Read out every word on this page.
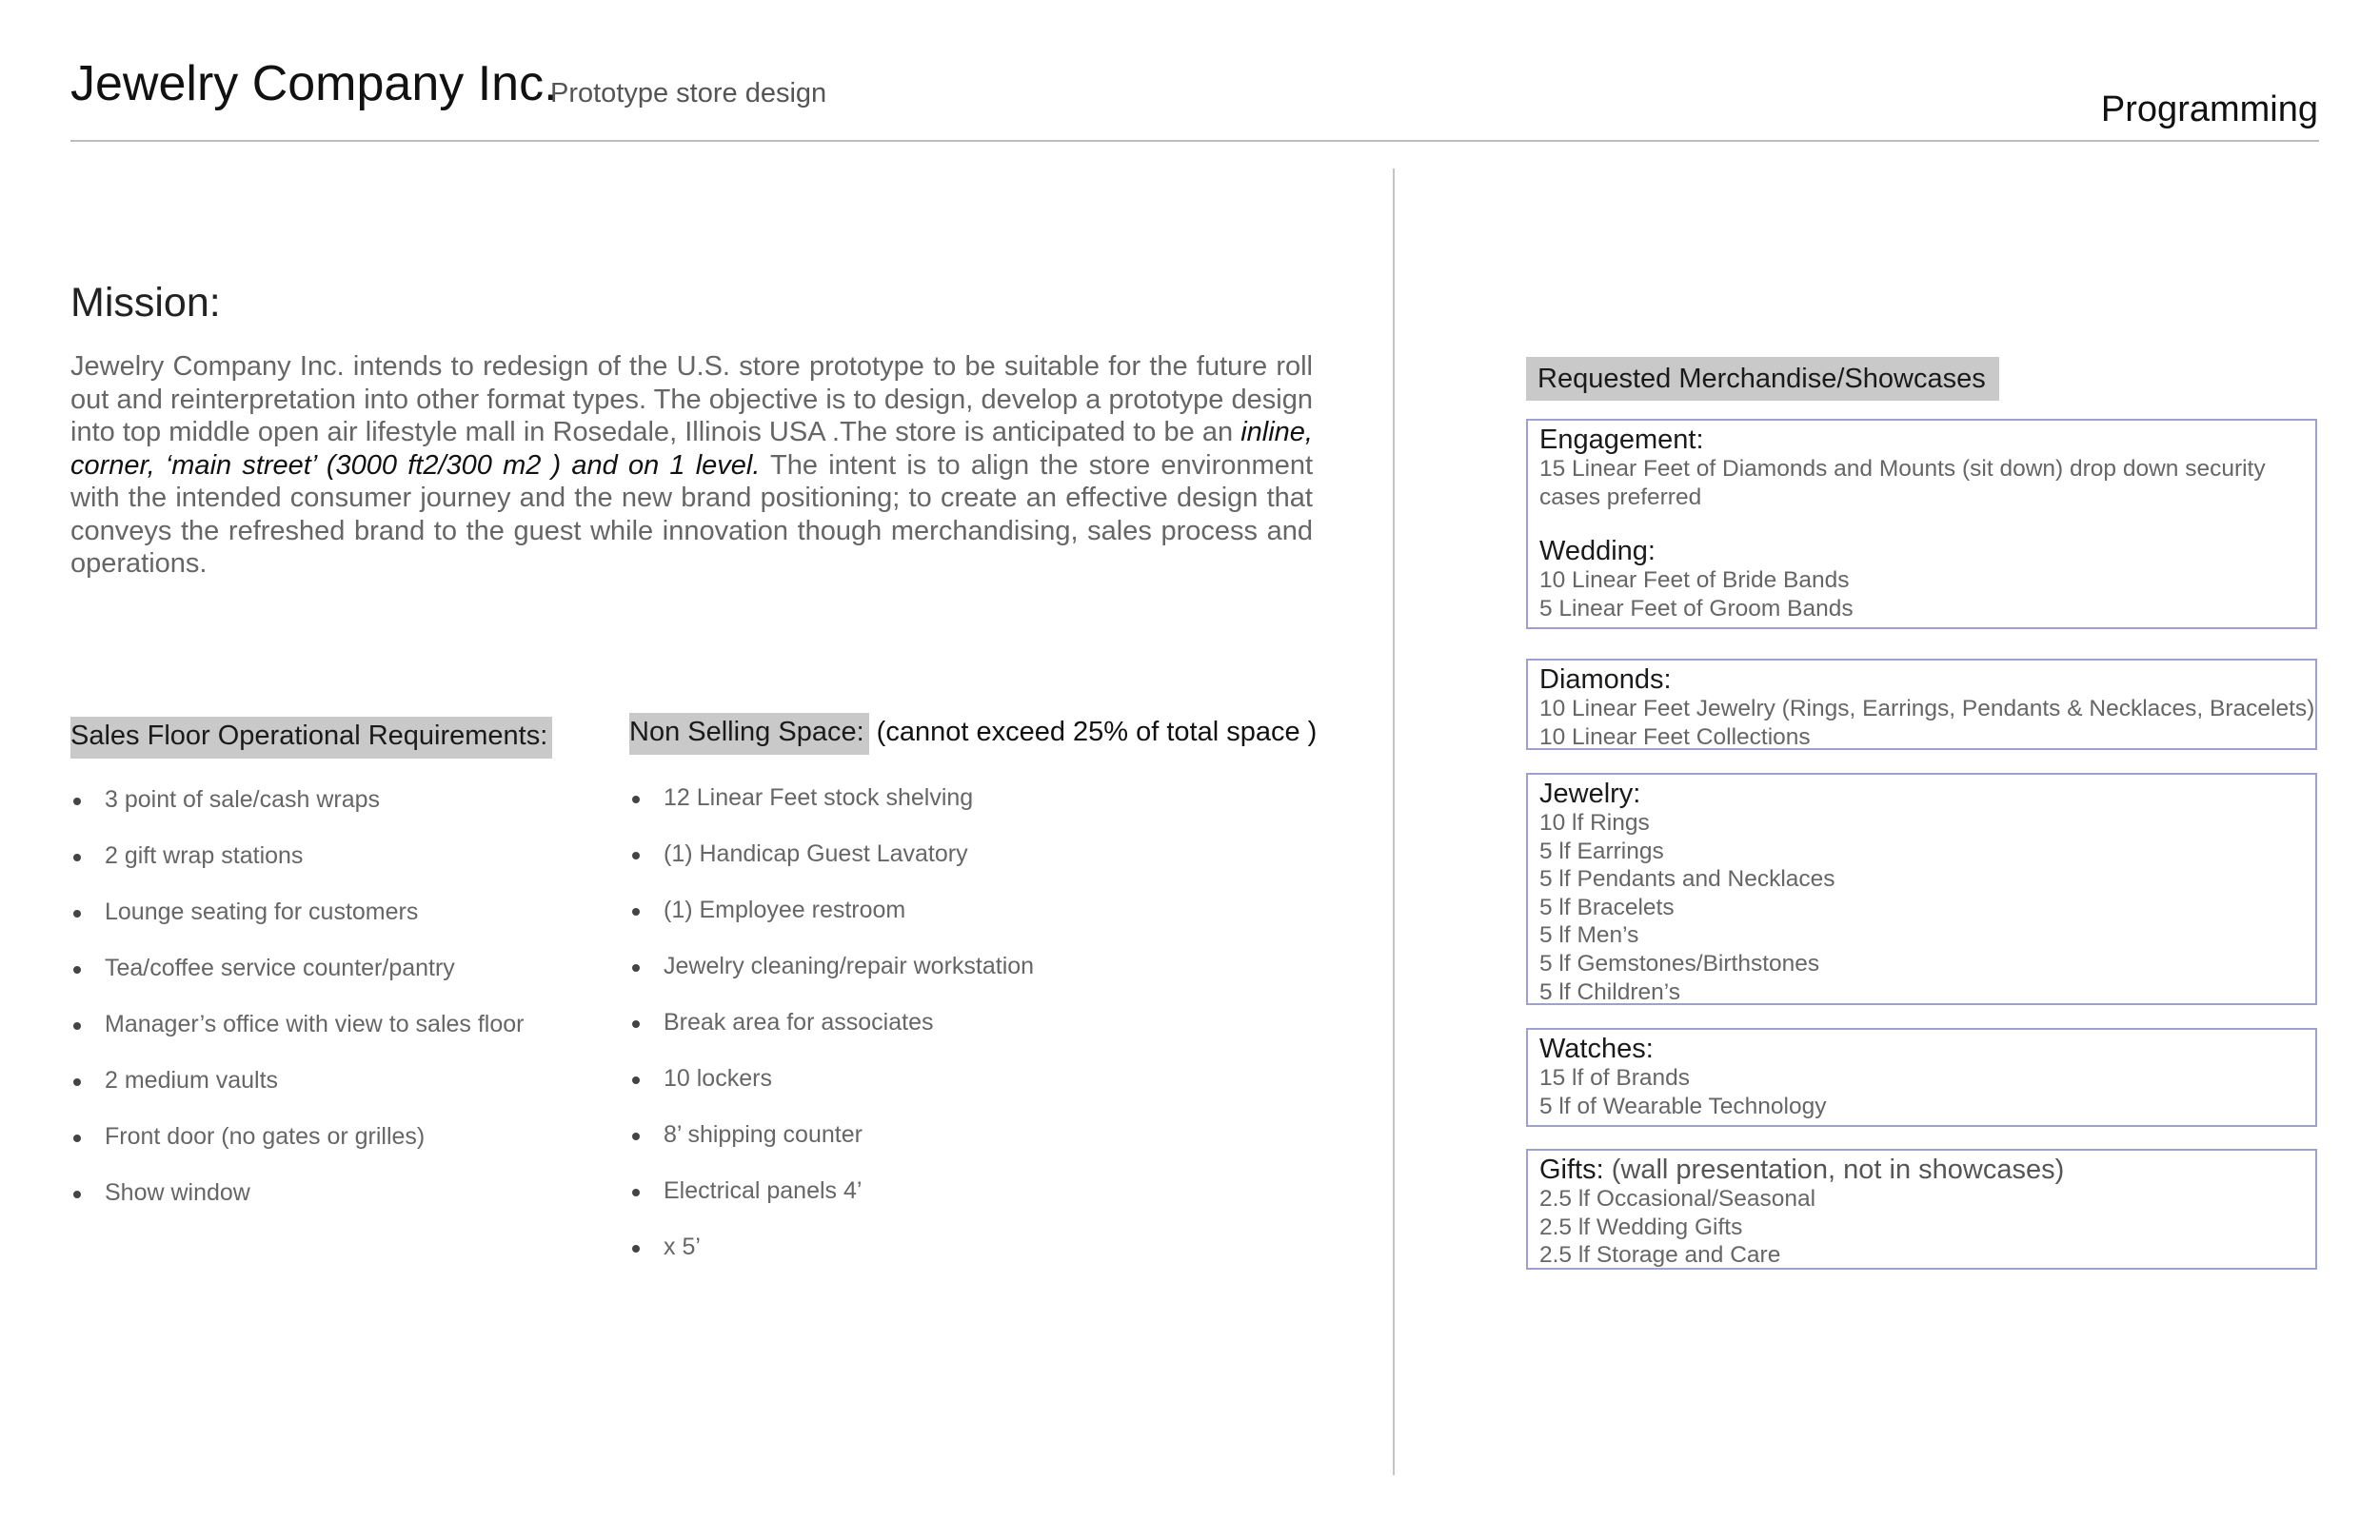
Jewelry Company Inc.
Prototype store design	Programming
Mission:
Jewelry Company Inc. intends to redesign of the U.S. store prototype to be suitable for the future roll out and reinterpretation into other format types. The objective is to design, develop a prototype design into top middle open air lifestyle mall in Rosedale, Illinois USA .The store is anticipated to be an inline, corner, ‘main street’ (3000 ft2/300 m2 ) and on 1 level. The intent is to align the store environment with the intended consumer journey and the new brand positioning; to create an effective design that conveys the refreshed brand to the guest while innovation though merchandising, sales process and operations.
Sales Floor Operational Requirements:
3 point of sale/cash wraps
2 gift wrap stations
Lounge seating for customers
Tea/coffee service counter/pantry
Manager’s office with view to sales floor
2 medium vaults
Front door (no gates or grilles)
Show window
Non Selling Space: (cannot exceed 25% of total space )
12 Linear Feet stock shelving
(1) Handicap Guest Lavatory
(1) Employee restroom
Jewelry cleaning/repair workstation
Break area for associates
10 lockers
8’ shipping counter
Electrical panels 4’
x 5’
Requested Merchandise/Showcases
Engagement:
15 Linear Feet of Diamonds and Mounts (sit down) drop down security
cases preferred
Wedding:
10 Linear Feet of Bride Bands
5 Linear Feet of Groom Bands
Diamonds:
10 Linear Feet Jewelry (Rings, Earrings, Pendants & Necklaces, Bracelets)
10 Linear Feet Collections
Jewelry:
10 lf Rings
5 lf Earrings
5 lf Pendants and Necklaces
5 lf Bracelets
5 lf Men’s
5 lf Gemstones/Birthstones
5 lf Children’s
Watches:
15 lf of Brands
5 lf of Wearable Technology
Gifts: (wall presentation, not in showcases)
2.5 lf Occasional/Seasonal
2.5 lf Wedding Gifts
2.5 lf Storage and Care
